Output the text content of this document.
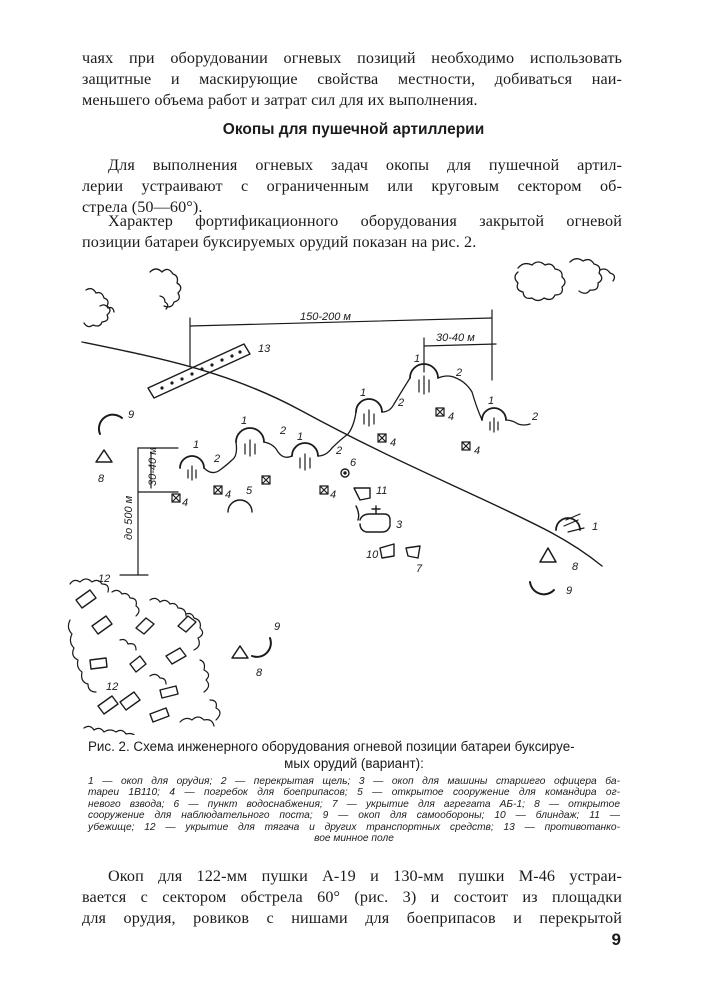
чаях при оборудовании огневых позиций необходимо использовать
защитные и маскирующие свойства местности, добиваться наи-
меньшего объема работ и затрат сил для их выполнения.
Окопы для пушечной артиллерии
Для выполнения огневых задач окопы для пушечной артил-
лерии устраивают с ограниченным или круговым сектором об-
стрела (50—60°).
Характер фортификационного оборудования закрытой огневой
позиции батареи буксируемых орудий показан на рис. 2.
150-200 м
30-40 м
30-40 м
до 500 м
13
1
1
1
1
1
1
1
2
2
2
2
2
2
3
4
4	4
4
4
4
5
6
7
8
8
8
9
9
9
10
11
12
12
Рис. 2. Схема инженерного оборудования огневой позиции батареи буксируе-
мых орудий (вариант):
1 — окоп для орудия; 2 — перекрытая щель; 3 — окоп для машины старшего офицера ба-
тареи 1В110; 4 — погребок для боеприпасов; 5 — открытое сооружение для командира ог-
невого взвода; 6 — пункт водоснабжения; 7 — укрытие для агрегата АБ-1; 8 — открытое
сооружение для наблюдательного поста; 9 — окоп для самообороны; 10 — блиндаж; 11 —
убежище; 12 — укрытие для тягача и других транспортных средств; 13 — противотанко-
вое минное поле
Окоп для 122-мм пушки А-19 и 130-мм пушки М-46 устраи-
вается с сектором обстрела 60° (рис. 3) и состоит из площадки
для орудия, ровиков с нишами для боеприпасов и перекрытой
9
